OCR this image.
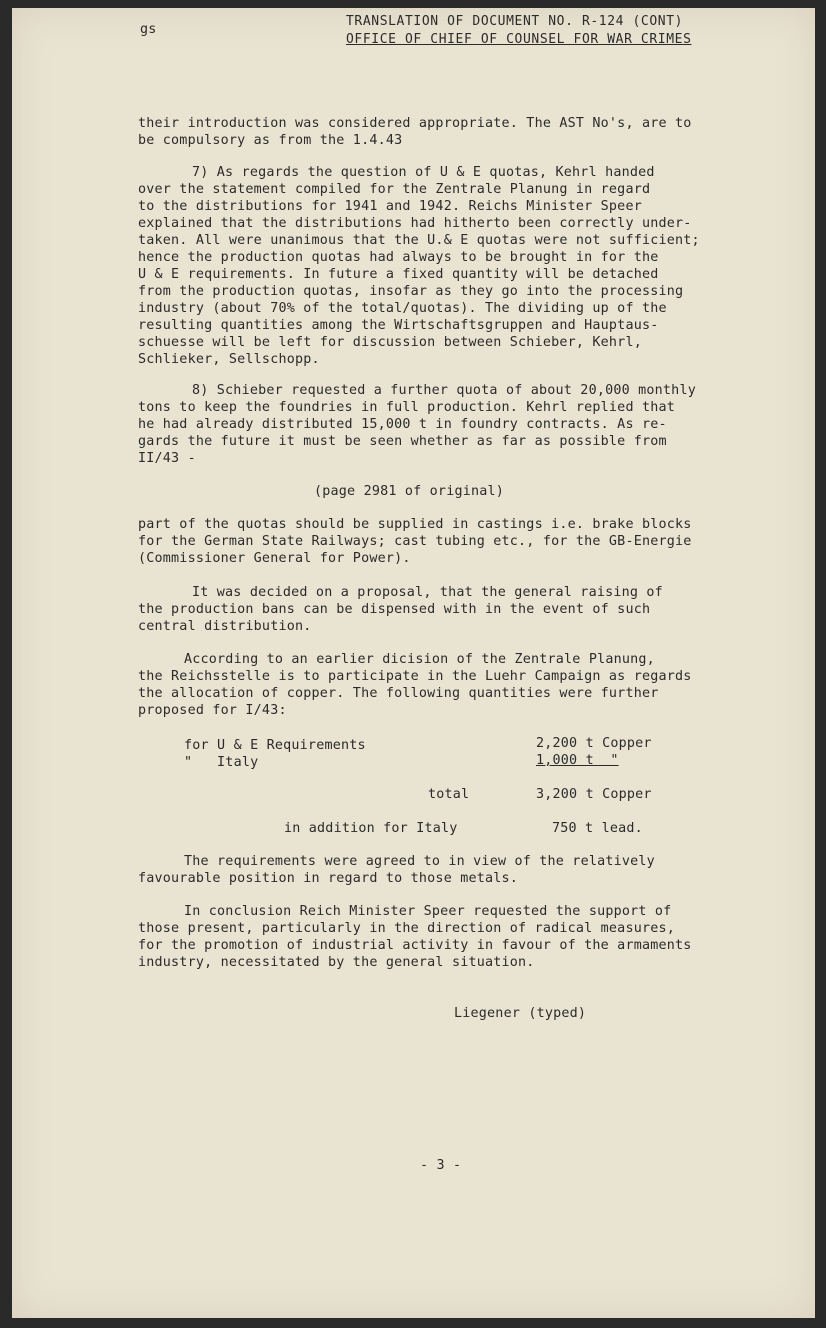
gs
TRANSLATION OF DOCUMENT NO. R-124 (CONT)
OFFICE OF CHIEF OF COUNSEL FOR WAR CRIMES
their introduction was considered appropriate. The AST No's, are to
be compulsory as from the 1.4.43
7) As regards the question of U & E quotas, Kehrl handed
over the statement compiled for the Zentrale Planung in regard
to the distributions for 1941 and 1942. Reichs Minister Speer
explained that the distributions had hitherto been correctly under-
taken. All were unanimous that the U.& E quotas were not sufficient;
hence the production quotas had always to be brought in for the
U & E requirements. In future a fixed quantity will be detached
from the production quotas, insofar as they go into the processing
industry (about 70% of the total/quotas). The dividing up of the
resulting quantities among the Wirtschaftsgruppen and Hauptaus-
schuesse will be left for discussion between Schieber, Kehrl,
Schlieker, Sellschopp.
8) Schieber requested a further quota of about 20,000 monthly
tons to keep the foundries in full production. Kehrl replied that
he had already distributed 15,000 t in foundry contracts. As re-
gards the future it must be seen whether as far as possible from
II/43 -
(page 2981 of original)
part of the quotas should be supplied in castings i.e. brake blocks
for the German State Railways; cast tubing etc., for the GB-Energie
(Commissioner General for Power).
It was decided on a proposal, that the general raising of
the production bans can be dispensed with in the event of such
central distribution.
According to an earlier dicision of the Zentrale Planung,
the Reichsstelle is to participate in the Luehr Campaign as regards
the allocation of copper. The following quantities were further
proposed for I/43:
for U & E Requirements	2,200 t Copper
"   Italy	1,000 t  "
total	3,200 t Copper
in addition for Italy	750 t lead.
The requirements were agreed to in view of the relatively
favourable position in regard to those metals.
In conclusion Reich Minister Speer requested the support of
those present, particularly in the direction of radical measures,
for the promotion of industrial activity in favour of the armaments
industry, necessitated by the general situation.
Liegener (typed)
- 3 -
